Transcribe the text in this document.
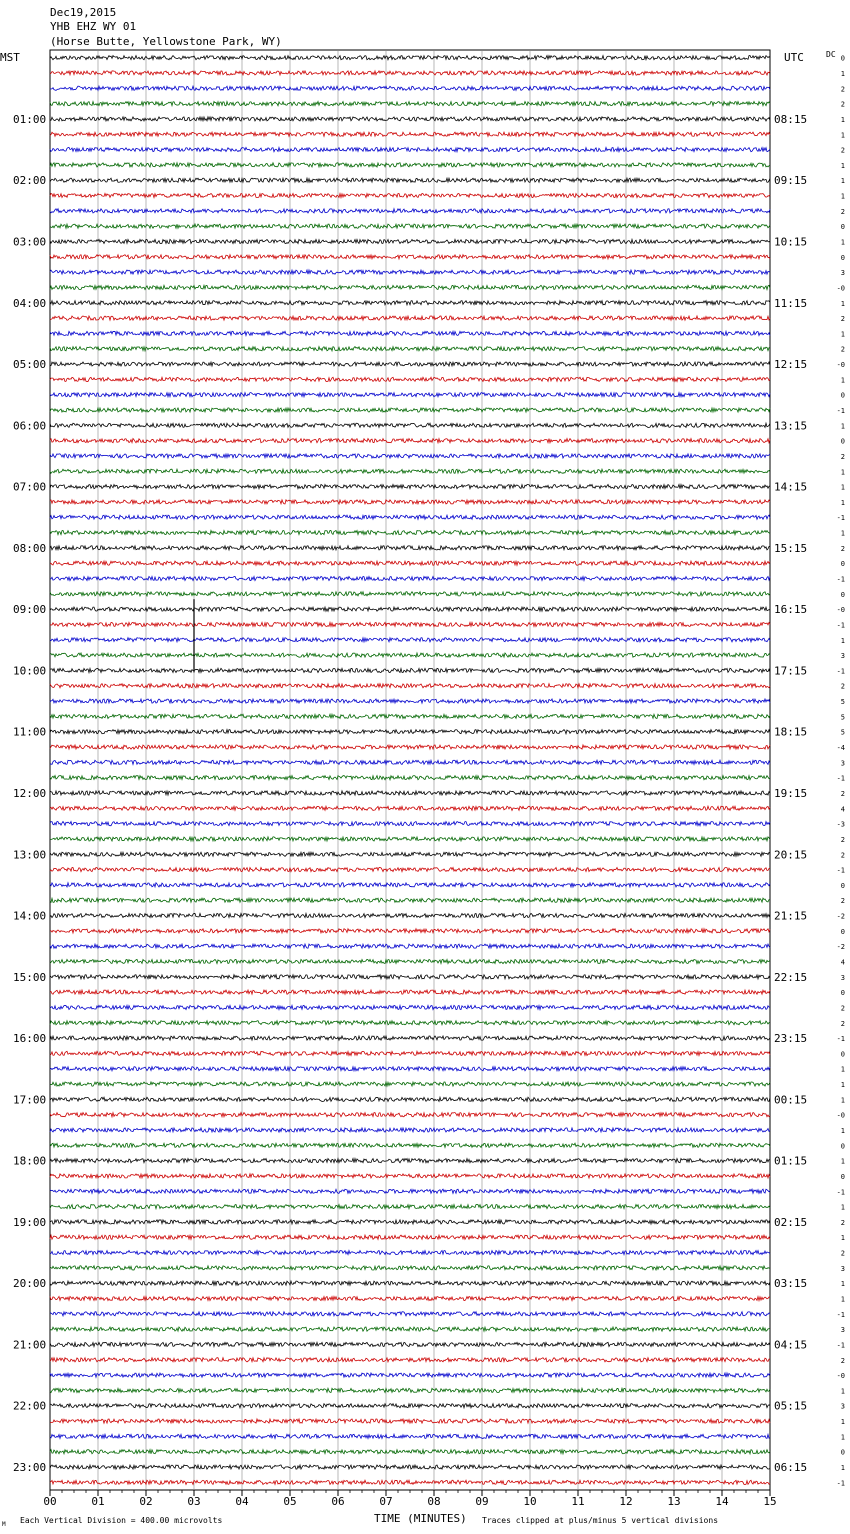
00	01	02	03	04	05	06	07	08	09	10	11	12	13	14	15
01:00
02:00
03:00
04:00
05:00
06:00
07:00
08:00
09:00
10:00
11:00
12:00
13:00
14:00
15:00
16:00
17:00
18:00
19:00
20:00
21:00
22:00
23:00
08:15
09:15
10:15
11:15
12:15
13:15
14:15
15:15
16:15
17:15
18:15
19:15
20:15
21:15
22:15
23:15
00:15
01:15
02:15
03:15
04:15
05:15
06:15
0
1
2
2
1
1
2
1
1
1
2
0
1
0
3
-0
1
2
1
2
-0
1
0
-1
1
0
2
1
1
1
-1
1
2
0
-1
0
-0
-1
1
3
-1
2
5
5
5
-4
3
-1
2
4
-3
2
2
-1
0
2
-2
0
-2
4
3
0
2
2
-1
0
1
1
1
-0
1
0
1
0
-1
1
2
1
2
3
1
1
-1
3
-1
2
-0
1
3
1
1
0
1
-1
Dec19,2015
YHB EHZ WY 01
(Horse Butte, Yellowstone Park, WY)
MST	UTC	DC
M Each Vertical Division = 400.00 microvolts	TIME (MINUTES) Traces clipped at plus/minus 5 vertical divisions
